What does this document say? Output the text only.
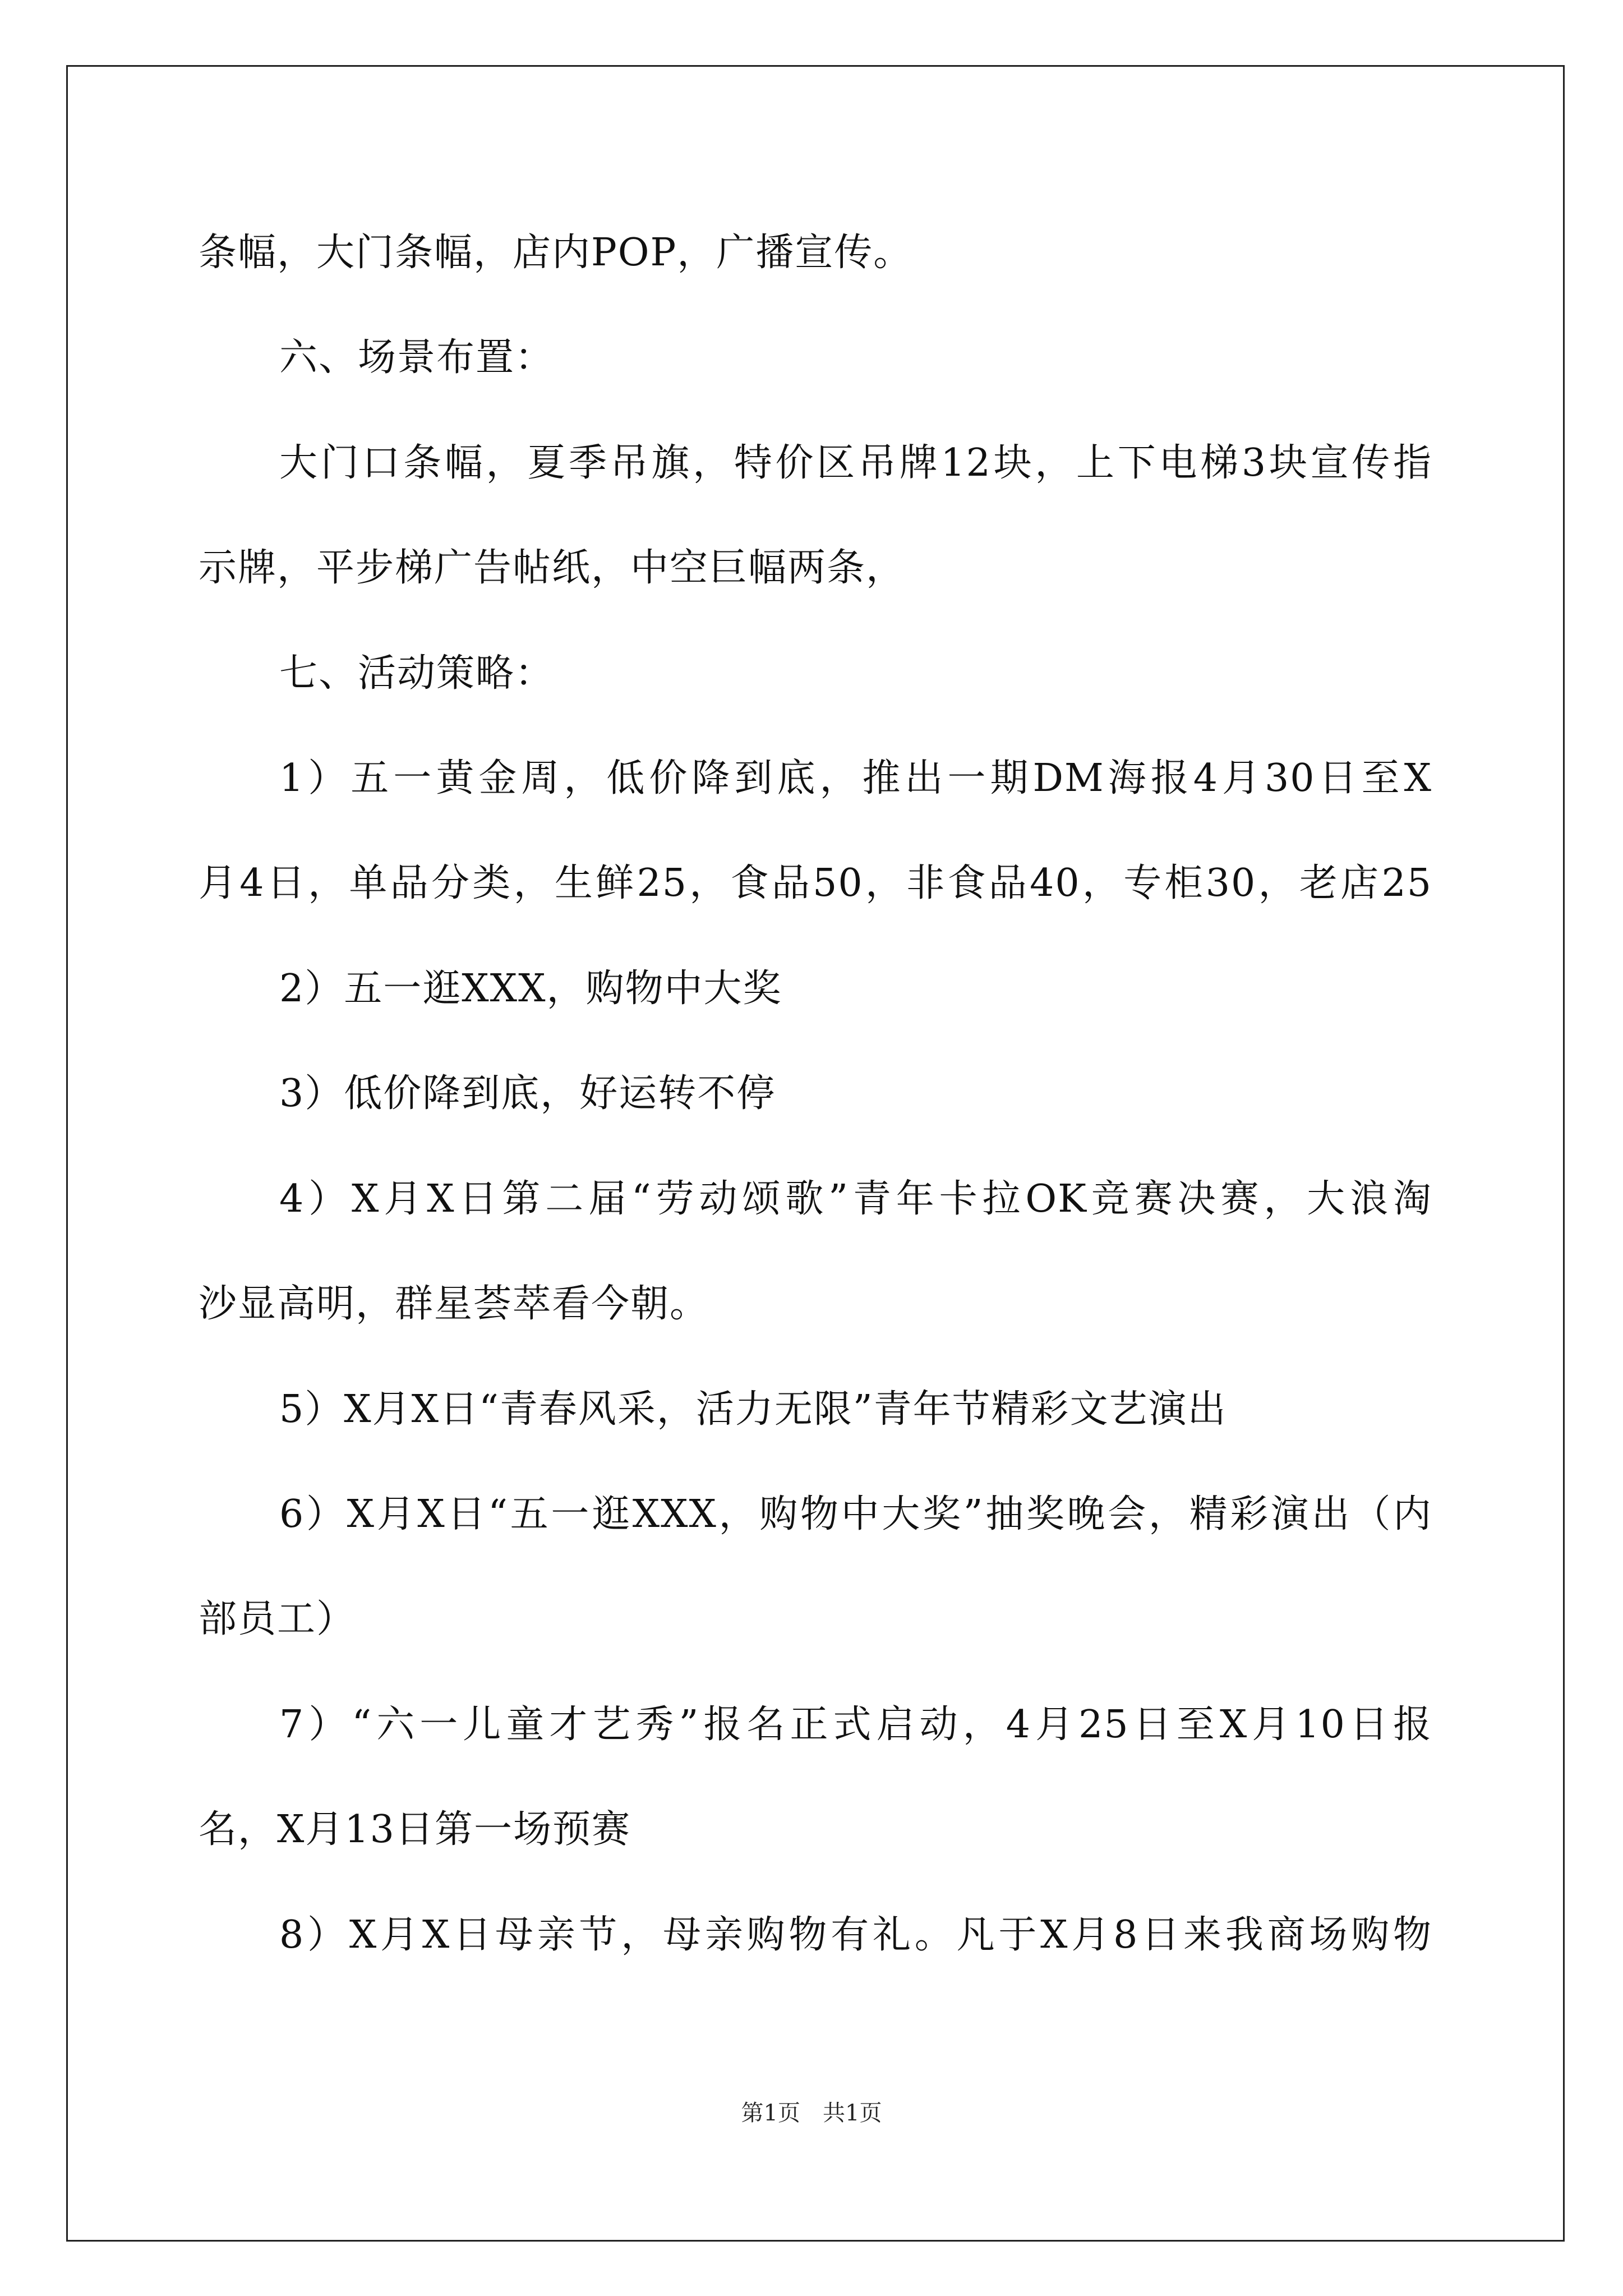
条幅，大门条幅，店内POP，广播宣传。
六、场景布置：
大门口条幅，夏季吊旗，特价区吊牌12块，上下电梯3块宣传指
示牌，平步梯广告帖纸，中空巨幅两条，
七、活动策略：
1）五一黄金周，低价降到底，推出一期DM海报4月30日至X
月4日，单品分类，生鲜25，食品50，非食品40，专柜30，老店25
2）五一逛XXX，购物中大奖
3）低价降到底，好运转不停
4）X月X日第二届“劳动颂歌”青年卡拉OK竞赛决赛，大浪淘
沙显高明，群星荟萃看今朝。
5）X月X日“青春风采，活力无限”青年节精彩文艺演出
6）X月X日“五一逛XXX，购物中大奖”抽奖晚会，精彩演出（内
部员工）
7）“六一儿童才艺秀”报名正式启动，4月25日至X月10日报
名，X月13日第一场预赛
8）X月X日母亲节，母亲购物有礼。凡于X月8日来我商场购物
第1页　共1页
